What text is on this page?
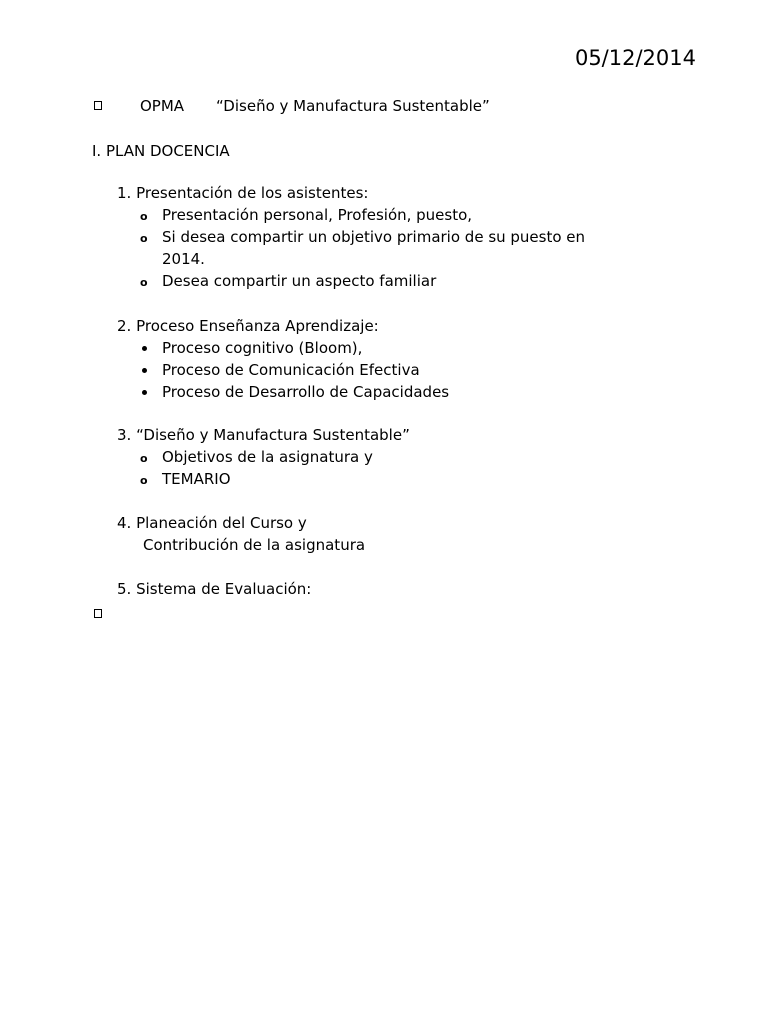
05/12/2014
OPMA “Diseño y Manufactura Sustentable”
I. PLAN DOCENCIA
1. Presentación de los asistentes:
o Presentación personal, Profesión, puesto,
o Si desea compartir un objetivo primario de su puesto en
2014.
o Desea compartir un aspecto familiar
2. Proceso Enseñanza Aprendizaje:
Proceso cognitivo (Bloom),
Proceso de Comunicación Efectiva
Proceso de Desarrollo de Capacidades
3. “Diseño y Manufactura Sustentable”
o Objetivos de la asignatura y
o TEMARIO
4. Planeación del Curso y
Contribución de la asignatura
5. Sistema de Evaluación:
